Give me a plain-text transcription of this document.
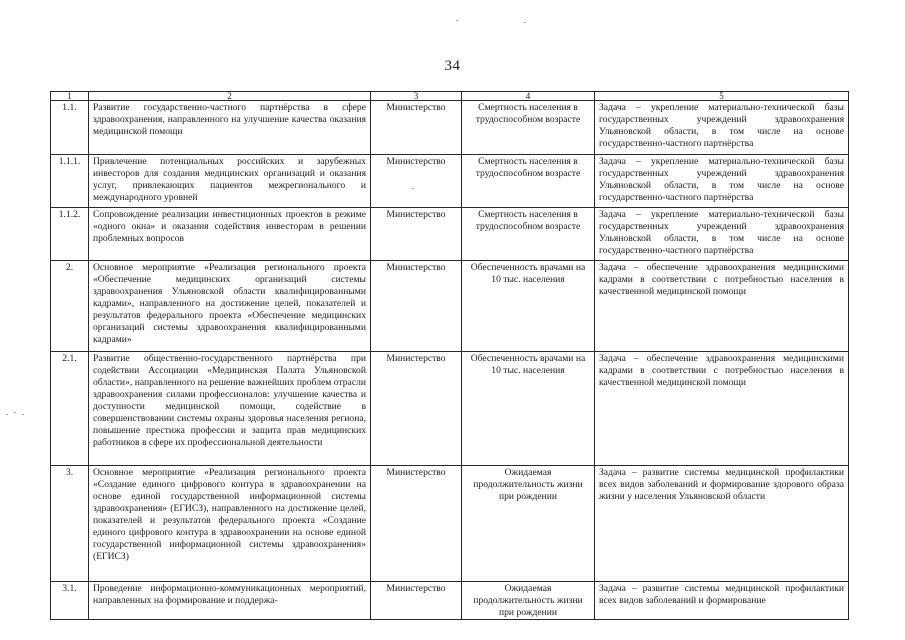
34
1	2	3	4	5
1.1.	Развитие государственно-частного партнёрства в сфере здравоохранения, направленного на улучшение качества оказания медицинской помощи	Министерство	Смертность населения в трудоспособном возрасте	Задача – укрепление материально-технической базы государственных учреждений здравоохранения Ульяновской области, в том числе на основе государственно-частного партнёрства
1.1.1.	Привлечение потенциальных российских и зарубежных инвесторов для создания медицинских организаций и оказания услуг, привлекающих пациентов межрегионального и международного уровней	Министерство	Смертность населения в трудоспособном возрасте	Задача – укрепление материально-технической базы государственных учреждений здравоохранения Ульяновской области, в том числе на основе государственно-частного партнёрства
1.1.2.	Сопровождение реализации инвестиционных проектов в режиме «одного окна» и оказания содействия инвесторам в решении проблемных вопросов	Министерство	Смертность населения в трудоспособном возрасте	Задача – укрепление материально-технической базы государственных учреждений здравоохранения Ульяновской области, в том числе на основе государственно-частного партнёрства
2.	Основное мероприятие «Реализация регионального проекта «Обеспечение медицинских организаций системы здравоохранения Ульяновской области квалифицированными кадрами», направленного на достижение целей, показателей и результатов федерального проекта «Обеспечение медицинских организаций системы здравоохранения квалифицированными кадрами»	Министерство	Обеспеченность врачами на 10 тыс. населения	Задача – обеспечение здравоохранения медицинскими кадрами в соответствии с потребностью населения в качественной медицинской помощи
2.1.	Развитие общественно-государственного партнёрства при содействии Ассоциации «Медицинская Палата Ульяновской области», направленного на решение важнейших проблем отрасли здравоохранения силами профессионалов: улучшение качества и доступности медицинской помощи, содействие в совершенствовании системы охраны здоровья населения региона, повышение престижа профессии и защита прав медицинских работников в сфере их профессиональной деятельности	Министерство	Обеспеченность врачами на 10 тыс. населения	Задача – обеспечение здравоохранения медицинскими кадрами в соответствии с потребностью населения в качественной медицинской помощи
3.	Основное мероприятие «Реализация регионального проекта «Создание единого цифрового контура в здравоохранении на основе единой государственной информационной системы здравоохранения» (ЕГИСЗ), направленного на достижение целей, показателей и результатов федерального проекта «Создание единого цифрового контура в здравоохранении на основе единой государственной информационной системы здравоохранения» (ЕГИСЗ)	Министерство	Ожидаемая продолжительность жизни при рождении	Задача – развитие системы медицинской профилактики всех видов заболеваний и формирование здорового образа жизни у населения Ульяновской области
3.1.	Проведение информационно-коммуникационных мероприятий, направленных на формирование и поддержа-	Министерство	Ожидаемая продолжительность жизни при рождении	Задача – развитие системы медицинской профилактики всех видов заболеваний и формирование
